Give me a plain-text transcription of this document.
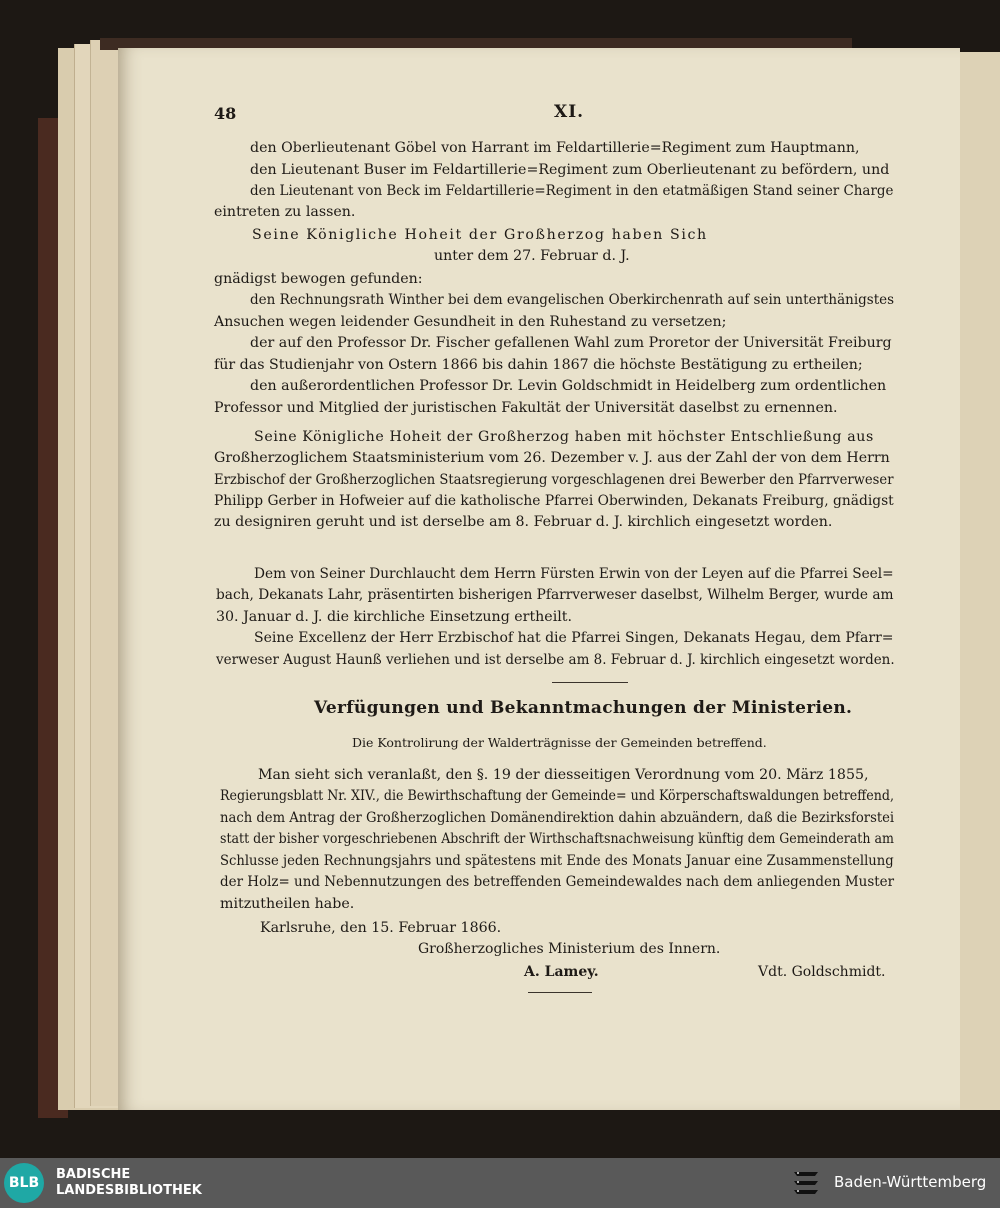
48	XI.
den Oberlieutenant Göbel von Harrant im Feldartillerie=Regiment zum Hauptmann,
den Lieutenant Buser im Feldartillerie=Regiment zum Oberlieutenant zu befördern, und
den Lieutenant von Beck im Feldartillerie=Regiment in den etatmäßigen Stand seiner Charge
eintreten zu lassen.
Seine Königliche Hoheit der Großherzog haben Sich
unter dem 27. Februar d. J.
gnädigst bewogen gefunden:
den Rechnungsrath Winther bei dem evangelischen Oberkirchenrath auf sein unterthänigstes
Ansuchen wegen leidender Gesundheit in den Ruhestand zu versetzen;
der auf den Professor Dr. Fischer gefallenen Wahl zum Proretor der Universität Freiburg
für das Studienjahr von Ostern 1866 bis dahin 1867 die höchste Bestätigung zu ertheilen;
den außerordentlichen Professor Dr. Levin Goldschmidt in Heidelberg zum ordentlichen
Professor und Mitglied der juristischen Fakultät der Universität daselbst zu ernennen.
Seine Königliche Hoheit der Großherzog haben mit höchster Entschließung aus
Großherzoglichem Staatsministerium vom 26. Dezember v. J. aus der Zahl der von dem Herrn
Erzbischof der Großherzoglichen Staatsregierung vorgeschlagenen drei Bewerber den Pfarrverweser
Philipp Gerber in Hofweier auf die katholische Pfarrei Oberwinden, Dekanats Freiburg, gnädigst
zu designiren geruht und ist derselbe am 8. Februar d. J. kirchlich eingesetzt worden.
Dem von Seiner Durchlaucht dem Herrn Fürsten Erwin von der Leyen auf die Pfarrei Seel=
bach, Dekanats Lahr, präsentirten bisherigen Pfarrverweser daselbst, Wilhelm Berger, wurde am
30. Januar d. J. die kirchliche Einsetzung ertheilt.
Seine Excellenz der Herr Erzbischof hat die Pfarrei Singen, Dekanats Hegau, dem Pfarr=
verweser August Haunß verliehen und ist derselbe am 8. Februar d. J. kirchlich eingesetzt worden.
Verfügungen und Bekanntmachungen der Ministerien.
Die Kontrolirung der Walderträgnisse der Gemeinden betreffend.
Man sieht sich veranlaßt, den §. 19 der diesseitigen Verordnung vom 20. März 1855,
Regierungsblatt Nr. XIV., die Bewirthschaftung der Gemeinde= und Körperschaftswaldungen betreffend,
nach dem Antrag der Großherzoglichen Domänendirektion dahin abzuändern, daß die Bezirksforstei
statt der bisher vorgeschriebenen Abschrift der Wirthschaftsnachweisung künftig dem Gemeinderath am
Schlusse jeden Rechnungsjahrs und spätestens mit Ende des Monats Januar eine Zusammenstellung
der Holz= und Nebennutzungen des betreffenden Gemeindewaldes nach dem anliegenden Muster
mitzutheilen habe.
Karlsruhe, den 15. Februar 1866.
Großherzogliches Ministerium des Innern.
A. Lamey.	Vdt. Goldschmidt.
BLB
BADISCHE
LANDESBIBLIOTHEK	Baden-Württemberg
